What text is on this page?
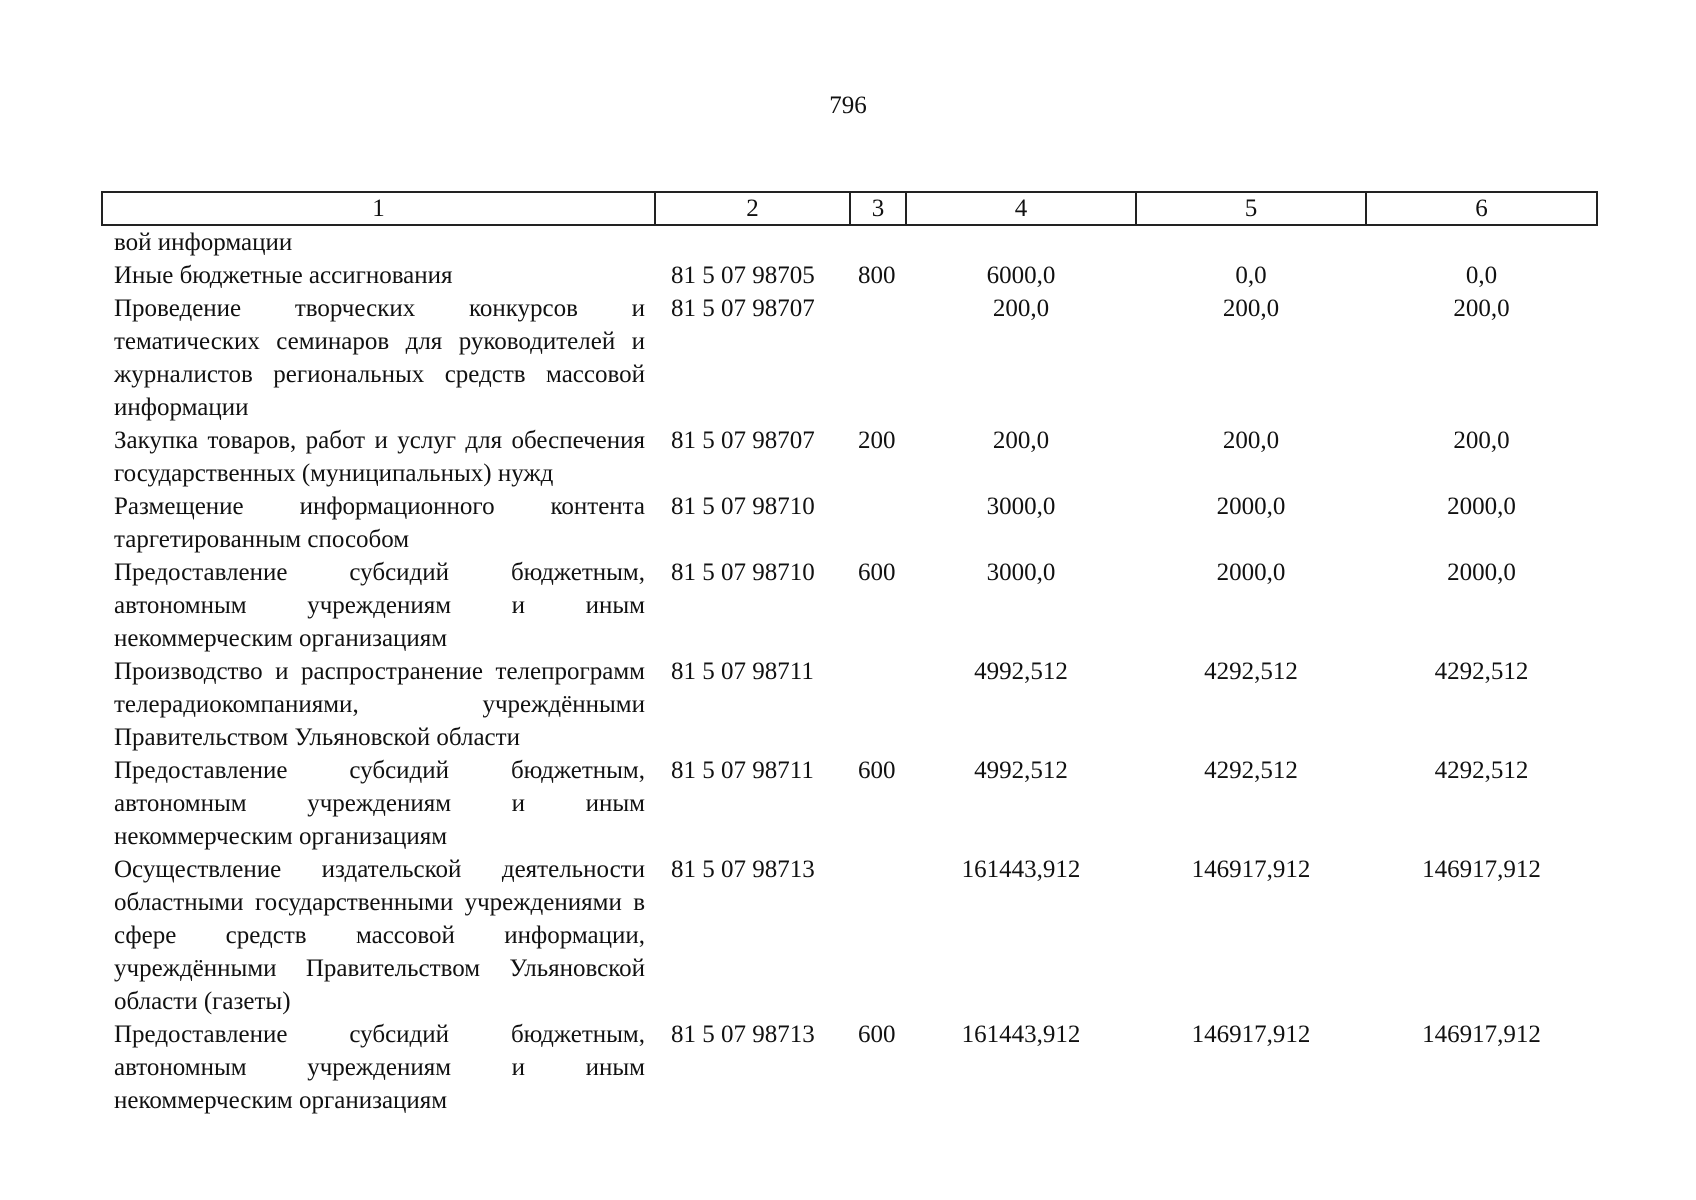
796
1	2	3	4	5	6
вой информации					
Иные бюджетные ассигнования	81 5 07 98705	800	6000,0	0,0	0,0
Проведение творческих конкурсов и тематических семинаров для руководителей и журналистов региональных средств массовой информации	81 5 07 98707		200,0	200,0	200,0
Закупка товаров, работ и услуг для обеспечения государственных (муниципальных) нужд	81 5 07 98707	200	200,0	200,0	200,0
Размещение информационного контента таргетированным способом	81 5 07 98710		3000,0	2000,0	2000,0
Предоставление субсидий бюджетным, автономным учреждениям и иным некоммерческим организациям	81 5 07 98710	600	3000,0	2000,0	2000,0
Производство и распространение телепрограмм телерадиокомпаниями, учреждёнными Правительством Ульяновской области	81 5 07 98711		4992,512	4292,512	4292,512
Предоставление субсидий бюджетным, автономным учреждениям и иным некоммерческим организациям	81 5 07 98711	600	4992,512	4292,512	4292,512
Осуществление издательской деятельности областными государственными учреждениями в сфере средств массовой информации, учреждёнными Правительством Ульяновской области (газеты)	81 5 07 98713		161443,912	146917,912	146917,912
Предоставление субсидий бюджетным, автономным учреждениям и иным некоммерческим организациям	81 5 07 98713	600	161443,912	146917,912	146917,912
